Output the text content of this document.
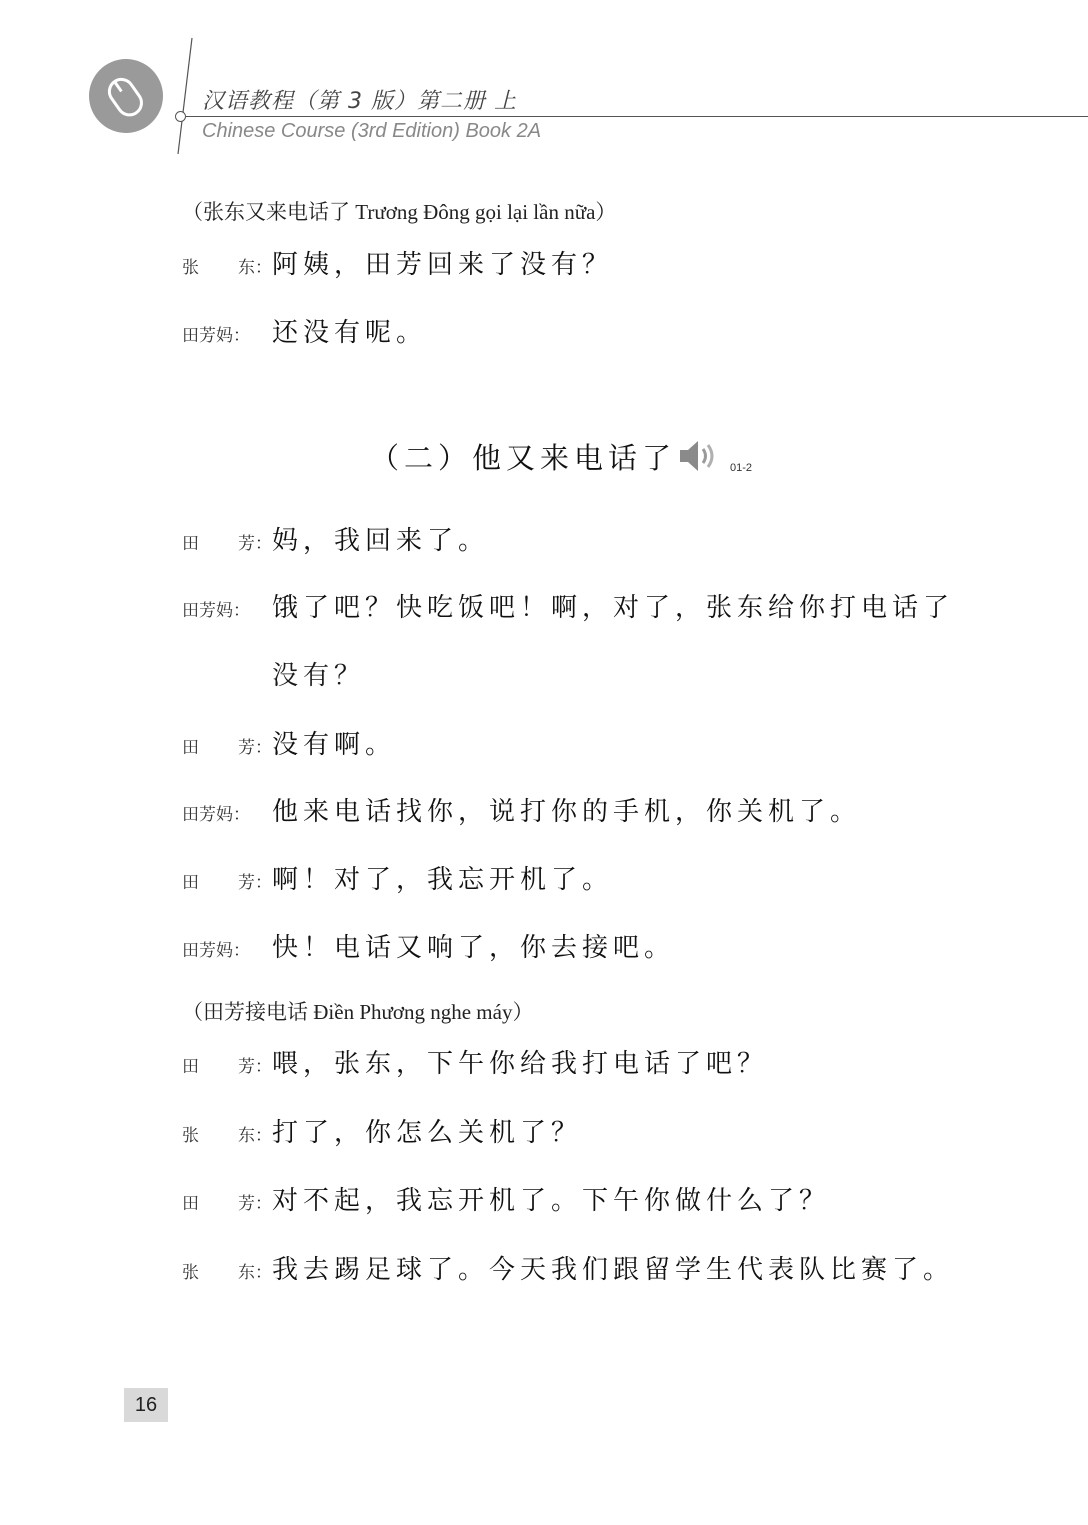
汉语教程（第 3 版）第二册 上
Chinese Course (3rd Edition) Book 2A
（张东又来电话了 Trương Đông gọi lại lần nữa）
张 东： 阿姨，田芳回来了没有？
田芳妈： 还没有呢。
（二）他又来电话了	01-2
田 芳： 妈，我回来了。
田芳妈： 饿了吧？快吃饭吧！啊，对了，张东给你打电话了
没有？
田 芳： 没有啊。
田芳妈： 他来电话找你，说打你的手机，你关机了。
田 芳： 啊！对了，我忘开机了。
田芳妈： 快！电话又响了，你去接吧。
（田芳接电话 Điền Phương nghe máy）
田 芳： 喂，张东，下午你给我打电话了吧？
张 东： 打了，你怎么关机了？
田 芳： 对不起，我忘开机了。下午你做什么了？
张 东： 我去踢足球了。今天我们跟留学生代表队比赛了。
16
